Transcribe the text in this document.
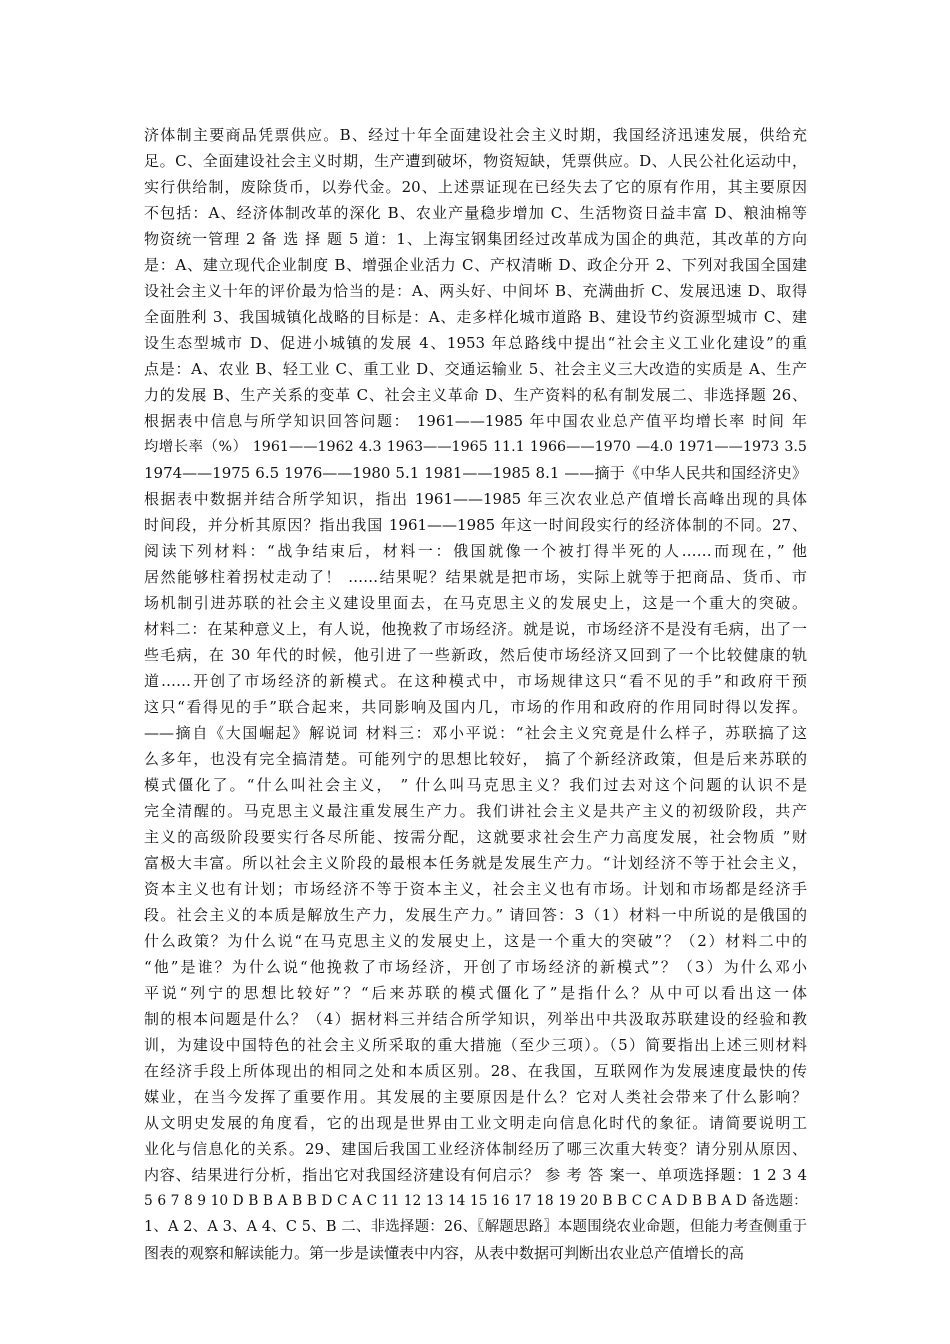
济体制主要商品凭票供应。B、经过十年全面建设社会主义时期，我国经济迅速发展，供给充
足。C、全面建设社会主义时期，生产遭到破坏，物资短缺，凭票供应。D、人民公社化运动中，
实行供给制，废除货币，以券代金。20、上述票证现在已经失去了它的原有作用，其主要原因
不包括：A、经济体制改革的深化 B、农业产量稳步增加 C、生活物资日益丰富 D、粮油棉等
物资统一管理 2 备 选 择 题 5 道：1、上海宝钢集团经过改革成为国企的典范，其改革的方向
是：A、建立现代企业制度 B、增强企业活力 C、产权清晰 D、政企分开 2、下列对我国全国建
设社会主义十年的评价最为恰当的是：A、两头好、中间坏 B、充满曲折 C、发展迅速 D、取得
全面胜利 3、我国城镇化战略的目标是：A、走多样化城市道路 B、建设节约资源型城市 C、建
设生态型城市 D、促进小城镇的发展 4、1953 年总路线中提出“社会主义工业化建设”的重
点是：A、农业 B、轻工业 C、重工业 D、交通运输业 5、社会主义三大改造的实质是 A、生产
力的发展 B、生产关系的变革 C、社会主义革命 D、生产资料的私有制发展二、非选择题 26、
根据表中信息与所学知识回答问题： 1961——1985 年中国农业总产值平均增长率 时间 年
均增长率（%） 1961——1962 4.3 1963——1965 11.1 1966——1970 —4.0 1971——1973 3.5
1974——1975 6.5 1976——1980 5.1 1981——1985 8.1 ——摘于《中华人民共和国经济史》
根据表中数据并结合所学知识，指出 1961——1985 年三次农业总产值增长高峰出现的具体
时间段，并分析其原因？指出我国 1961——1985 年这一时间段实行的经济体制的不同。27、
阅读下列材料：“战争结束后，材料一：俄国就像一个被打得半死的人……而现在，” 他
居然能够柱着拐杖走动了！ ……结果呢？结果就是把市场，实际上就等于把商品、货币、市
场机制引进苏联的社会主义建设里面去，在马克思主义的发展史上，这是一个重大的突破。
材料二：在某种意义上，有人说，他挽救了市场经济。就是说，市场经济不是没有毛病，出了一
些毛病，在 30 年代的时候，他引进了一些新政，然后使市场经济又回到了一个比较健康的轨
道……开创了市场经济的新模式。在这种模式中，市场规律这只“看不见的手”和政府干预
这只“看得见的手”联合起来，共同影响及国内几，市场的作用和政府的作用同时得以发挥。
——摘自《大国崛起》解说词 材料三：邓小平说：“社会主义究竟是什么样子，苏联搞了这
么多年，也没有完全搞清楚。可能列宁的思想比较好， 搞了个新经济政策，但是后来苏联的
模式僵化了。“什么叫社会主义， ” 什么叫马克思主义？我们过去对这个问题的认识不是
完全清醒的。马克思主义最注重发展生产力。我们讲社会主义是共产主义的初级阶段，共产
主义的高级阶段要实行各尽所能、按需分配，这就要求社会生产力高度发展，社会物质 ”财
富极大丰富。所以社会主义阶段的最根本任务就是发展生产力。“计划经济不等于社会主义，
资本主义也有计划；市场经济不等于资本主义，社会主义也有市场。计划和市场都是经济手
段。社会主义的本质是解放生产力，发展生产力。” 请回答：3（1）材料一中所说的是俄国的
什么政策？为什么说“在马克思主义的发展史上，这是一个重大的突破”？（2）材料二中的
“他”是谁？为什么说“他挽救了市场经济，开创了市场经济的新模式”？（3）为什么邓小
平说“列宁的思想比较好”？“后来苏联的模式僵化了”是指什么？从中可以看出这一体
制的根本问题是什么？（4）据材料三并结合所学知识，列举出中共汲取苏联建设的经验和教
训，为建设中国特色的社会主义所采取的重大措施（至少三项）。（5）简要指出上述三则材料
在经济手段上所体现出的相同之处和本质区别。28、在我国，互联网作为发展速度最快的传
媒业，在当今发挥了重要作用。其发展的主要原因是什么？它对人类社会带来了什么影响？
从文明史发展的角度看，它的出现是世界由工业文明走向信息化时代的象征。请简要说明工
业化与信息化的关系。29、建国后我国工业经济体制经历了哪三次重大转变？请分别从原因、
内容、结果进行分析，指出它对我国经济建设有何启示？ 参 考 答 案一、单项选择题：1 2 3 4
5 6 7 8 9 10 D B B A B B D C A C 11 12 13 14 15 16 17 18 19 20 B B C C A D B B A D 备选题：
1、A 2、A 3、A 4、C 5、B 二、非选择题：26、〖解题思路〗本题围绕农业命题，但能力考查侧重于
图表的观察和解读能力。第一步是读懂表中内容，从表中数据可判断出农业总产值增长的高
